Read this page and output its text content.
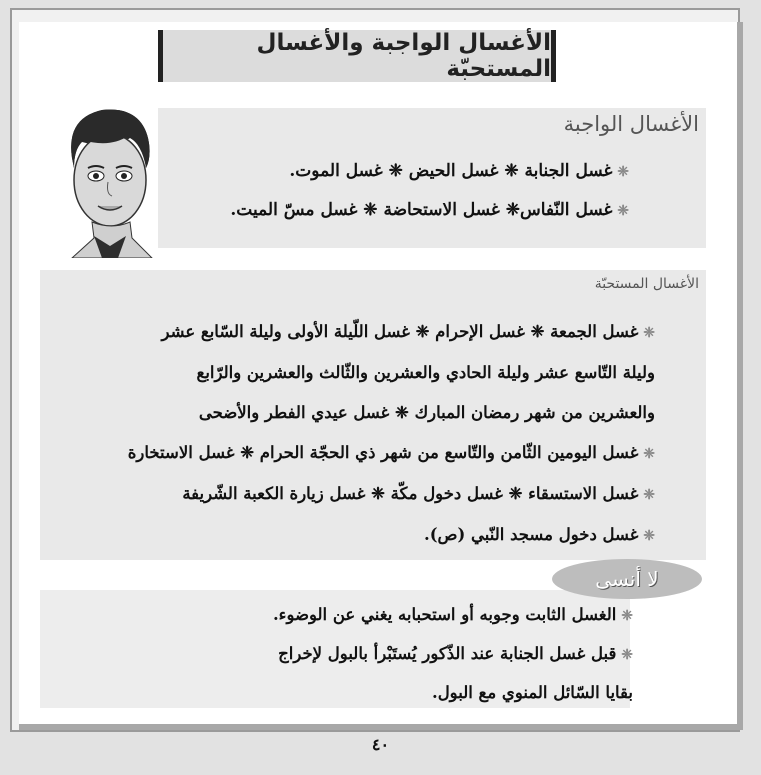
الأغسال الواجبة والأغسال المستحبّة
الأغسال الواجبة
❈ غسل الجنابة ❈ غسل الحيض ❈ غسل الموت.
❈ غسل النّفاس❈ غسل الاستحاضة ❈ غسل مسّ الميت.
الأغسال المستحبّة
❈ غسل الجمعة ❈ غسل الإحرام ❈ غسل اللّيلة الأولى وليلة السّابع عشر
وليلة التّاسع عشر وليلة الحادي والعشرين والثّالث والعشرين والرّابع
والعشرين من شهر رمضان المبارك ❈ غسل عيدي الفطر والأضحى
❈ غسل اليومين الثّامن والتّاسع من شهر ذي الحجّة الحرام ❈ غسل الاستخارة
❈ غسل الاستسقاء ❈ غسل دخول مكّة ❈ غسل زيارة الكعبة الشّريفة
❈ غسل دخول مسجد النّبي (ص).
لا أنسى
❈ الغسل الثابت وجوبه أو استحبابه يغني عن الوضوء.
❈ قبل غسل الجنابة عند الذّكور يُستَبْرأ بالبول لإخراج
بقايا السّائل المنوي مع البول.
٤٠
